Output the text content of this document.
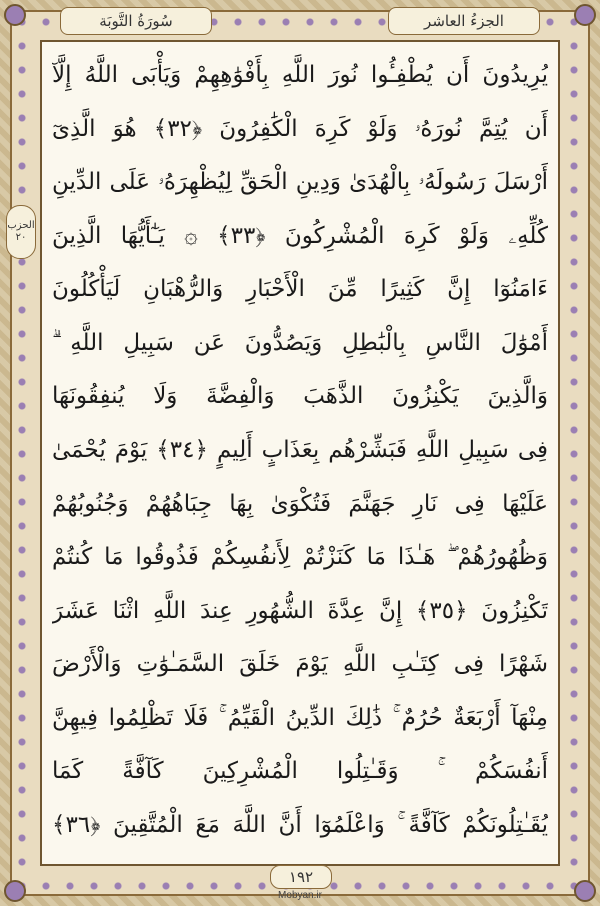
سُورَةُ التَّوبَة	الجزءُ العاشر
الحزب
٢٠
يُرِيدُونَ أَن يُطْفِـُٔوا نُورَ اللَّهِ بِأَفْوَٰهِهِمْ وَيَأْبَى اللَّهُ إِلَّآ
أَن يُتِمَّ نُورَهُۥ وَلَوْ كَرِهَ الْكَٰفِرُونَ ﴿٣٢﴾ هُوَ الَّذِىٓ
أَرْسَلَ رَسُولَهُۥ بِالْهُدَىٰ وَدِينِ الْحَقِّ لِيُظْهِرَهُۥ عَلَى الدِّينِ
كُلِّهِۦ وَلَوْ كَرِهَ الْمُشْرِكُونَ ﴿٣٣﴾ ۞ يَـٰٓأَيُّهَا الَّذِينَ
ءَامَنُوٓا إِنَّ كَثِيرًا مِّنَ الْأَحْبَارِ وَالرُّهْبَانِ لَيَأْكُلُونَ
أَمْوَٰلَ النَّاسِ بِالْبَٰطِلِ وَيَصُدُّونَ عَن سَبِيلِ اللَّهِ ۗ
وَالَّذِينَ يَكْنِزُونَ الذَّهَبَ وَالْفِضَّةَ وَلَا يُنفِقُونَهَا
فِى سَبِيلِ اللَّهِ فَبَشِّرْهُم بِعَذَابٍ أَلِيمٍ ﴿٣٤﴾ يَوْمَ يُحْمَىٰ
عَلَيْهَا فِى نَارِ جَهَنَّمَ فَتُكْوَىٰ بِهَا جِبَاهُهُمْ وَجُنُوبُهُمْ
وَظُهُورُهُمْ ۖ هَـٰذَا مَا كَنَزْتُمْ لِأَنفُسِكُمْ فَذُوقُوا مَا كُنتُمْ
تَكْنِزُونَ ﴿٣٥﴾ إِنَّ عِدَّةَ الشُّهُورِ عِندَ اللَّهِ اثْنَا عَشَرَ
شَهْرًا فِى كِتَـٰبِ اللَّهِ يَوْمَ خَلَقَ السَّمَـٰوَٰتِ وَالْأَرْضَ
مِنْهَآ أَرْبَعَةٌ حُرُمٌ ۚ ذَٰلِكَ الدِّينُ الْقَيِّمُ ۚ فَلَا تَظْلِمُوا فِيهِنَّ
أَنفُسَكُمْ ۚ وَقَـٰتِلُوا الْمُشْرِكِينَ كَآفَّةً كَمَا
يُقَـٰتِلُونَكُمْ كَآفَّةً ۚ وَاعْلَمُوٓا أَنَّ اللَّهَ مَعَ الْمُتَّقِينَ ﴿٣٦﴾
١٩٢
Mobyan.ir
